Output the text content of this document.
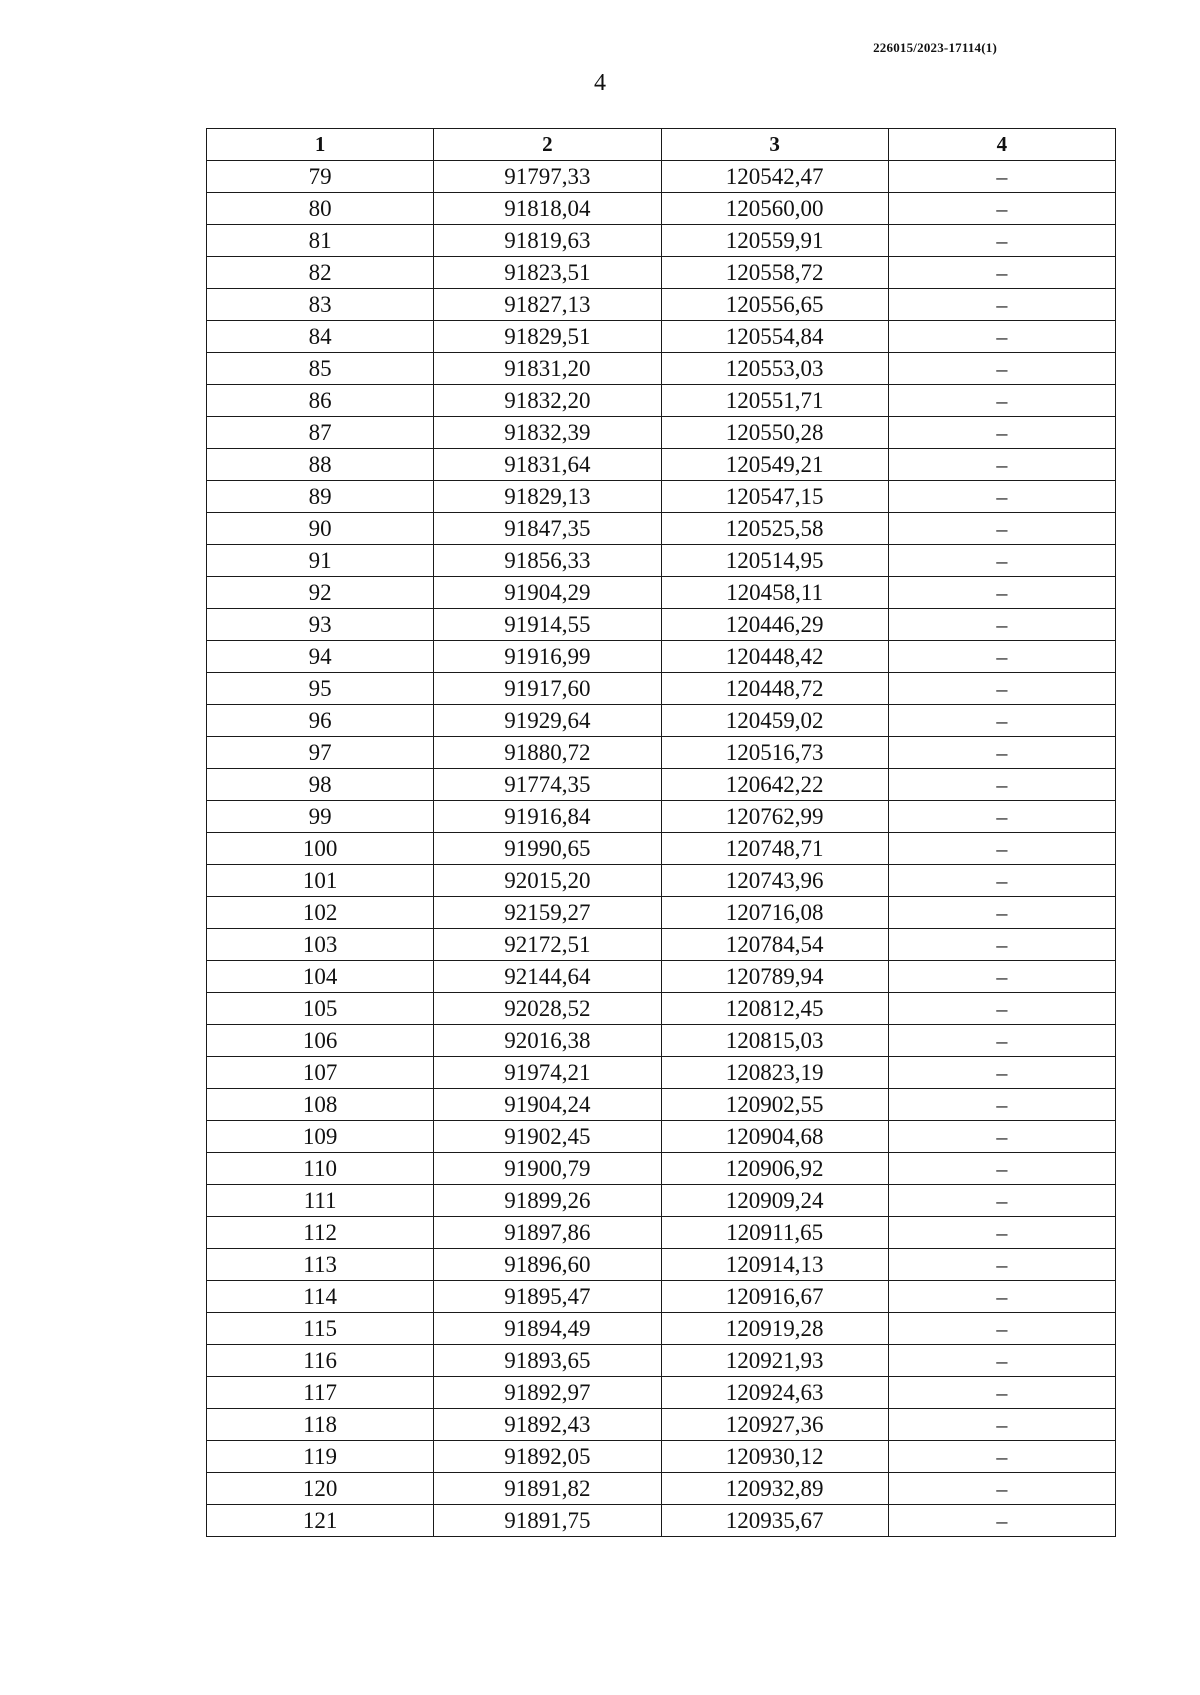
226015/2023-17114(1)
4
1	2	3	4
79	91797,33	120542,47	–
80	91818,04	120560,00	–
81	91819,63	120559,91	–
82	91823,51	120558,72	–
83	91827,13	120556,65	–
84	91829,51	120554,84	–
85	91831,20	120553,03	–
86	91832,20	120551,71	–
87	91832,39	120550,28	–
88	91831,64	120549,21	–
89	91829,13	120547,15	–
90	91847,35	120525,58	–
91	91856,33	120514,95	–
92	91904,29	120458,11	–
93	91914,55	120446,29	–
94	91916,99	120448,42	–
95	91917,60	120448,72	–
96	91929,64	120459,02	–
97	91880,72	120516,73	–
98	91774,35	120642,22	–
99	91916,84	120762,99	–
100	91990,65	120748,71	–
101	92015,20	120743,96	–
102	92159,27	120716,08	–
103	92172,51	120784,54	–
104	92144,64	120789,94	–
105	92028,52	120812,45	–
106	92016,38	120815,03	–
107	91974,21	120823,19	–
108	91904,24	120902,55	–
109	91902,45	120904,68	–
110	91900,79	120906,92	–
111	91899,26	120909,24	–
112	91897,86	120911,65	–
113	91896,60	120914,13	–
114	91895,47	120916,67	–
115	91894,49	120919,28	–
116	91893,65	120921,93	–
117	91892,97	120924,63	–
118	91892,43	120927,36	–
119	91892,05	120930,12	–
120	91891,82	120932,89	–
121	91891,75	120935,67	–
